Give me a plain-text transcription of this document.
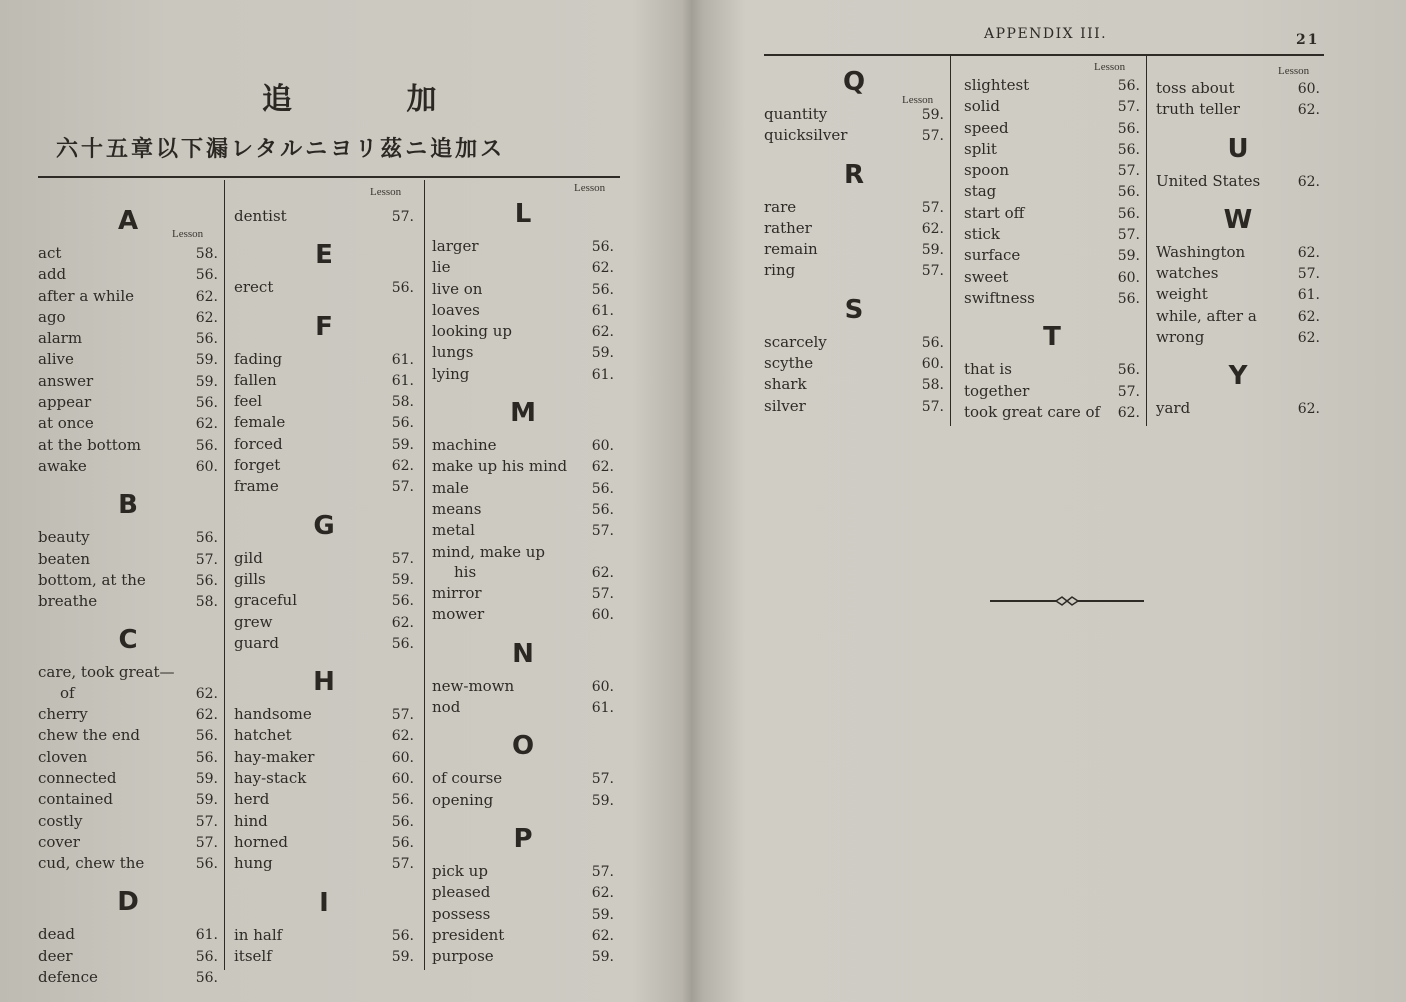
追 加
六十五章以下漏レタルニヨリ茲ニ追加ス
Lesson
Lesson	Lesson
A
act .....	58.
add .....	56.
after a while .....	62.
ago .....	62.
alarm .....	56.
alive .....	59.
answer .....	59.
appear .....	56.
at once .....	62.
at the bottom .....	56.
awake .....	60.
B
beauty .....	56.
beaten .....	57.
bottom, at the .....	56.
breathe .....	58.
C
care, took great—
of .....	62.
cherry .....	62.
chew the end .....	56.
cloven .....	56.
connected .....	59.
contained .....	59.
costly .....	57.
cover .....	57.
cud, chew the .....	56.
D
dead .....	61.
deer .....	56.
defence .....	56.
dentist .....	57.
E
erect .....	56.
F
fading .....	61.
fallen .....	61.
feel .....	58.
female .....	56.
forced .....	59.
forget .....	62.
frame .....	57.
G
gild .....	57.
gills .....	59.
graceful .....	56.
grew .....	62.
guard .....	56.
H
handsome .....	57.
hatchet .....	62.
hay-maker .....	60.
hay-stack .....	60.
herd .....	56.
hind .....	56.
horned .....	56.
hung .....	57.
I
in half .....	56.
itself .....	59.
L
larger .....	56.
lie .....	62.
live on .....	56.
loaves .....	61.
looking up .....	62.
lungs .....	59.
lying .....	61.
M
machine .....	60.
make up his mind ..... 62.
male .....	56.
means .....	56.
metal .....	57.
mind, make up
his .....	62.
mirror .....	57.
mower .....	60.
N
new-mown .....	60.
nod .....	61.
O
of course .....	57.
opening .....	59.
P
pick up .....	57.
pleased .....	62.
possess .....	59.
president .....	62.
purpose .....	59.
APPENDIX III.	21
Lesson
Lesson	Lesson
Q
quantity .....	59.
quicksilver .....	57.
R
rare .....	57.
rather .....	62.
remain .....	59.
ring .....	57.
S
scarcely .....	56.
scythe .....	60.
shark .....	58.
silver .....	57.
slightest .....	56.
solid .....	57.
speed .....	56.
split .....	56.
spoon .....	57.
stag .....	56.
start off .....	56.
stick .....	57.
surface .....	59.
sweet .....	60.
swiftness .....	56.
T
that is .....	56.
together .....	57.
took great care of ..... 62.
toss about .....	60.
truth teller .....	62.
U
United States .....	62.
W
Washington .....	62.
watches .....	57.
weight .....	61.
while, after a .....	62.
wrong .....	62.
Y
yard .....	62.
